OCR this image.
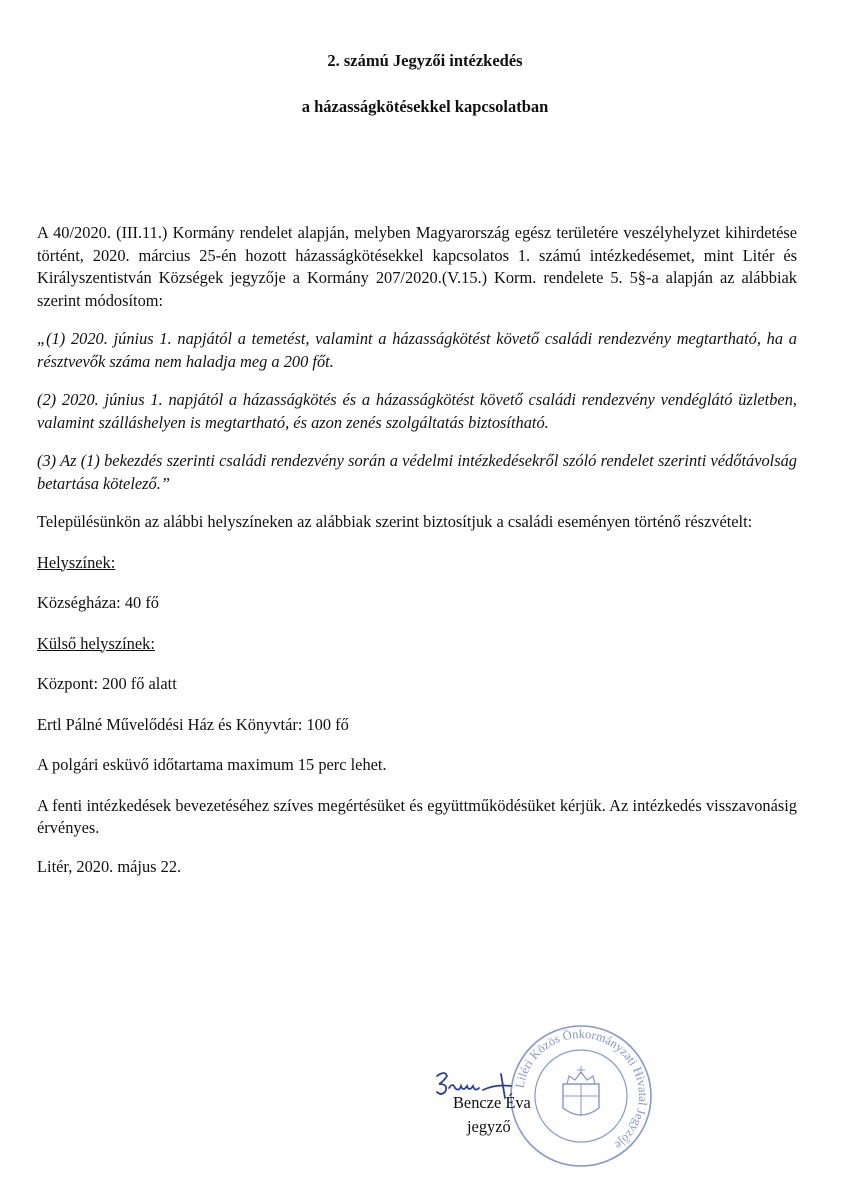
2. számú Jegyzői intézkedés
a házasságkötésekkel kapcsolatban

A 40/2020. (III.11.) Kormány rendelet alapján, melyben Magyarország egész területére veszélyhelyzet kihirdetése történt, 2020. március 25-én hozott házasságkötésekkel kapcsolatos 1. számú intézkedésemet, mint Litér és Királyszentistván Községek jegyzője a Kormány 207/2020.(V.15.) Korm. rendelete 5. 5§-a alapján az alábbiak szerint módosítom:

„(1) 2020. június 1. napjától a temetést, valamint a házasságkötést követő családi rendezvény megtartható, ha a résztvevők száma nem haladja meg a 200 főt.

(2) 2020. június 1. napjától a házasságkötés és a házasságkötést követő családi rendezvény vendéglátó üzletben, valamint szálláshelyen is megtartható, és azon zenés szolgáltatás biztosítható.

(3) Az (1) bekezdés szerinti családi rendezvény során a védelmi intézkedésekről szóló rendelet szerinti védőtávolság betartása kötelező.”

Településünkön az alábbi helyszíneken az alábbiak szerint biztosítjuk a családi eseményen történő részvételt:

Helyszínek:

Községháza: 40 fő

Külső helyszínek:

Központ: 200 fő alatt

Ertl Pálné Művelődési Ház és Könyvtár: 100 fő

A polgári esküvő időtartama maximum 15 perc lehet.

A fenti intézkedések bevezetéséhez szíves megértésüket és együttműködésüket kérjük. Az intézkedés visszavonásig érvényes.

Litér, 2020. május 22.

Liléri Közös Önkormányzati Hivatal Jegyzője

Bencze Éva

jegyző
